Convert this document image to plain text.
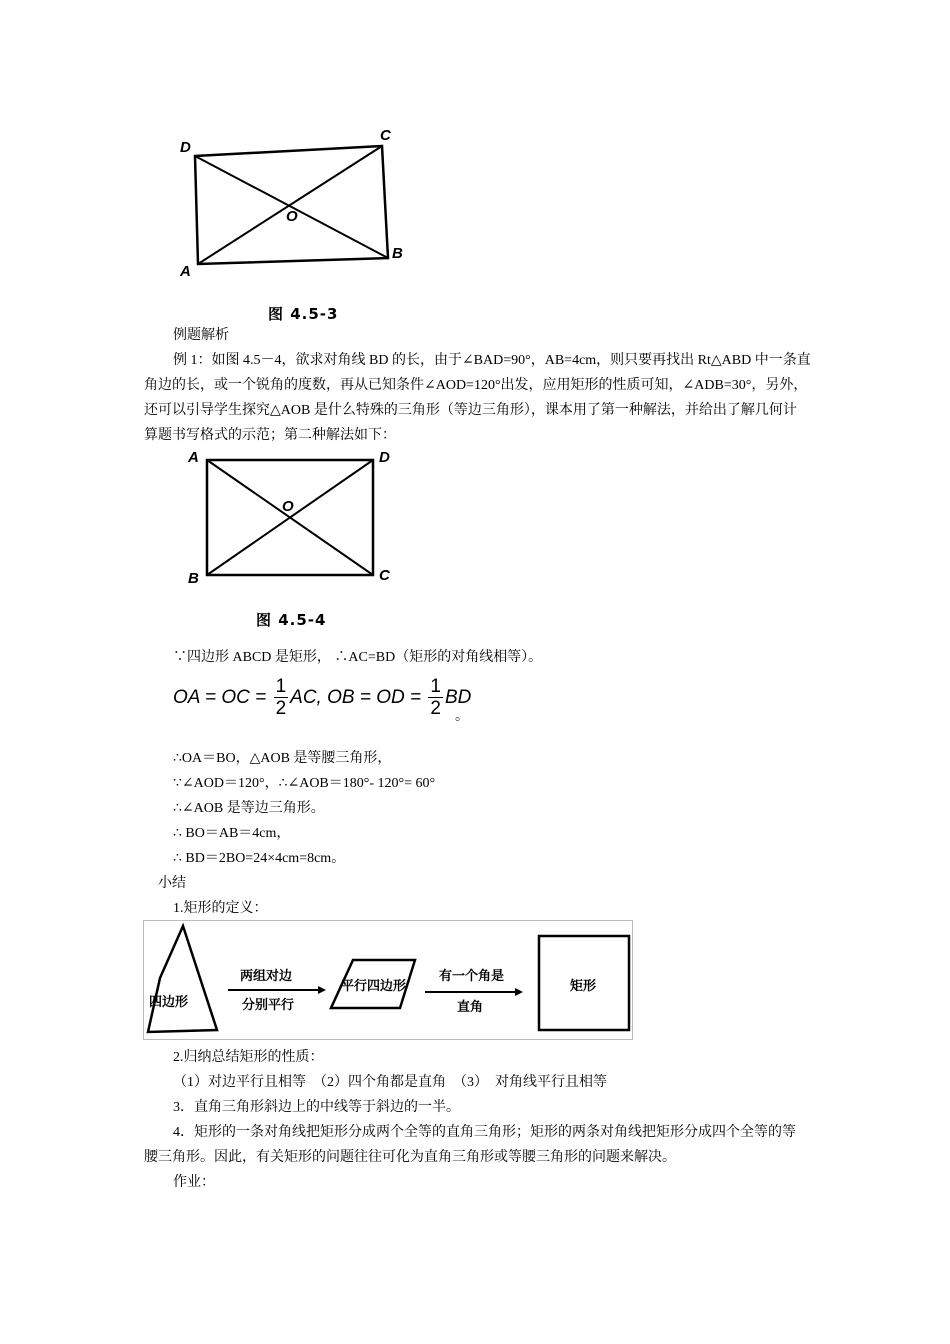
D
C
O
B
A
图 4.5-3
例题解析
例 1：如图 4.5－4，欲求对角线 BD 的长，由于∠BAD=90°，AB=4cm，则只要再找出 Rt△ABD 中一条直
角边的长，或一个锐角的度数，再从已知条件∠AOD=120°出发，应用矩形的性质可知，∠ADB=30°，另外，
还可以引导学生探究△AOB 是什么特殊的三角形（等边三角形），课本用了第一种解法，并给出了解几何计
算题书写格式的示范；第二种解法如下：
A	D
O
B	C
图 4.5-4
∵四边形 ABCD 是矩形， ∴AC=BD（矩形的对角线相等）。
OA = OC = $\frac{1}{2}$ AC, OB = OD = $\frac{1}{2}$ BD
。
∴OA＝BO，△AOB 是等腰三角形，
∵∠AOD＝120°，∴∠AOB＝180°- 120°= 60°
∴∠AOB 是等边三角形。
∴ BO＝AB＝4cm，
∴ BD＝2BO=24×4cm=8cm。
小结
1.矩形的定义：
四边形
两组对边
分别平行
平行四边形
有一个角是
直角
矩形
2.归纳总结矩形的性质：
（1）对边平行且相等　（2）四个角都是直角　（3）　对角线平行且相等
3．直角三角形斜边上的中线等于斜边的一半。
4．矩形的一条对角线把矩形分成两个全等的直角三角形；矩形的两条对角线把矩形分成四个全等的等
腰三角形。因此，有关矩形的问题往往可化为直角三角形或等腰三角形的问题来解决。
作业：
